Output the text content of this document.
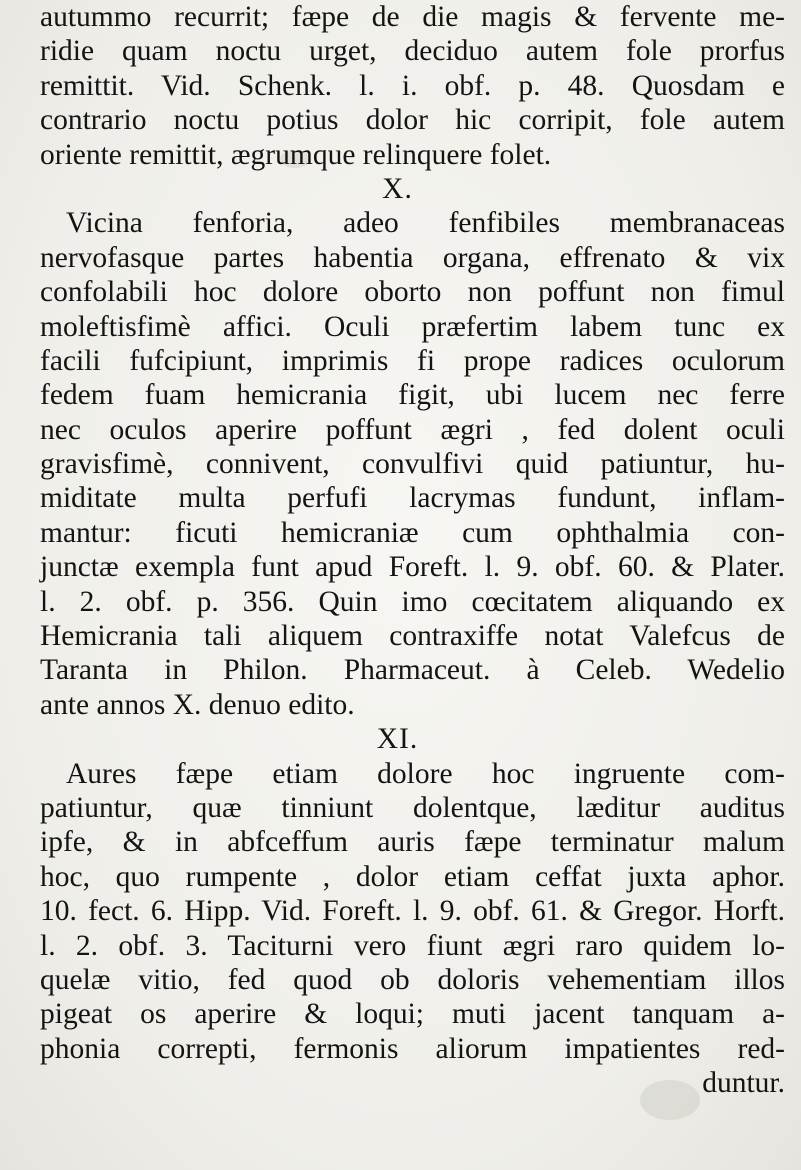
autummo recurrit; fæpe de die magis & fervente me-
ridie quam noctu urget, deciduo autem fole prorfus
remittit. Vid. Schenk. l. i. obf. p. 48. Quosdam e
contrario noctu potius dolor hic corripit, fole autem
oriente remittit, ægrumque relinquere folet.
X.
Vicina fenforia, adeo fenfibiles membranaceas
nervofasque partes habentia organa, effrenato & vix
confolabili hoc dolore oborto non poffunt non fimul
moleftisfimè affici. Oculi præfertim labem tunc ex
facili fufcipiunt, imprimis fi prope radices oculorum
fedem fuam hemicrania figit, ubi lucem nec ferre
nec oculos aperire poffunt ægri , fed dolent oculi
gravisfimè, connivent, convulfivi quid patiuntur, hu-
miditate multa perfufi lacrymas fundunt, inflam-
mantur: ficuti hemicraniæ cum ophthalmia con-
junctæ exempla funt apud Foreft. l. 9. obf. 60. & Plater.
l. 2. obf. p. 356. Quin imo cœcitatem aliquando ex
Hemicrania tali aliquem contraxiffe notat Valefcus de
Taranta in Philon. Pharmaceut. à Celeb. Wedelio
ante annos X. denuo edito.
XI.
Aures fæpe etiam dolore hoc ingruente com-
patiuntur, quæ tinniunt dolentque, læditur auditus
ipfe, & in abfceffum auris fæpe terminatur malum
hoc, quo rumpente , dolor etiam ceffat juxta aphor.
10. fect. 6. Hipp. Vid. Foreft. l. 9. obf. 61. & Gregor. Horft.
l. 2. obf. 3. Taciturni vero fiunt ægri raro quidem lo-
quelæ vitio, fed quod ob doloris vehementiam illos
pigeat os aperire & loqui; muti jacent tanquam a-
phonia correpti, fermonis aliorum impatientes red-
duntur.
